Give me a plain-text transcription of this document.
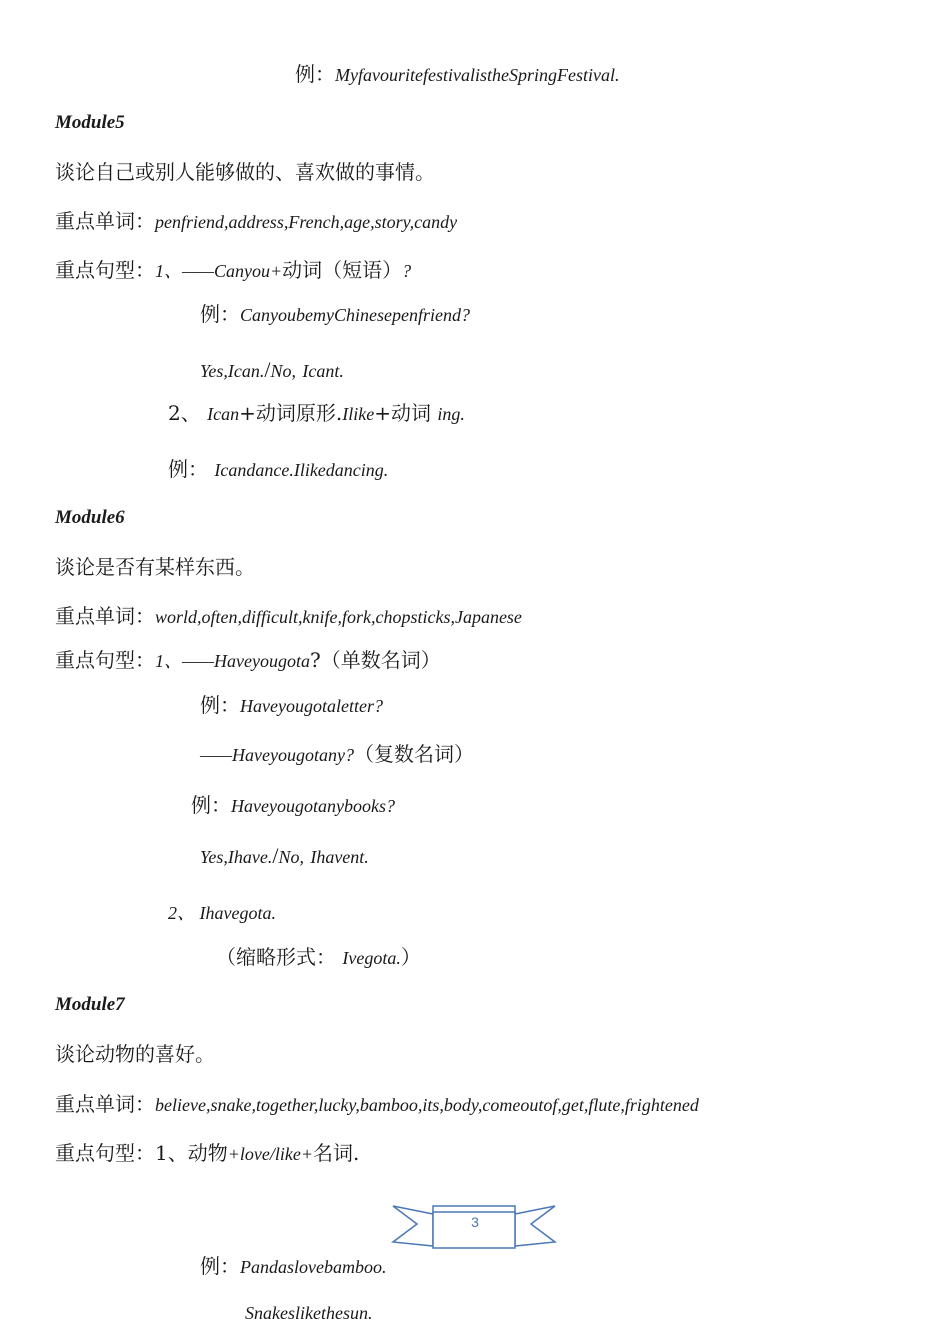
例：MyfavouritefestivalistheSpringFestival.
Module5
谈论自己或别人能够做的、喜欢做的事情。
重点单词：penfriend,address,French,age,story,candy
重点句型：1、——Canyou+动词（短语）?
例：CanyoubemyChinesepenfriend?
Yes,Ican./No, Icant.
2、 Ican+动词原形.Ilike+动词 ing.
例： Icandance.Ilikedancing.
Module6
谈论是否有某样东西。
重点单词：world,often,difficult,knife,fork,chopsticks,Japanese
重点句型：1、——Haveyougota?（单数名词）
例：Haveyougotaletter?
——Haveyougotany?（复数名词）
例：Haveyougotanybooks?
Yes,Ihave./No, Ihavent.
2、 Ihavegota.
（缩略形式： Ivegota.）
Module7
谈论动物的喜好。
重点单词：believe,snake,together,lucky,bamboo,its,body,comeoutof,get,flute,frightened
重点句型：1、动物+love/like+名词.
3
例：Pandaslovebamboo.
Snakeslikethesun.
